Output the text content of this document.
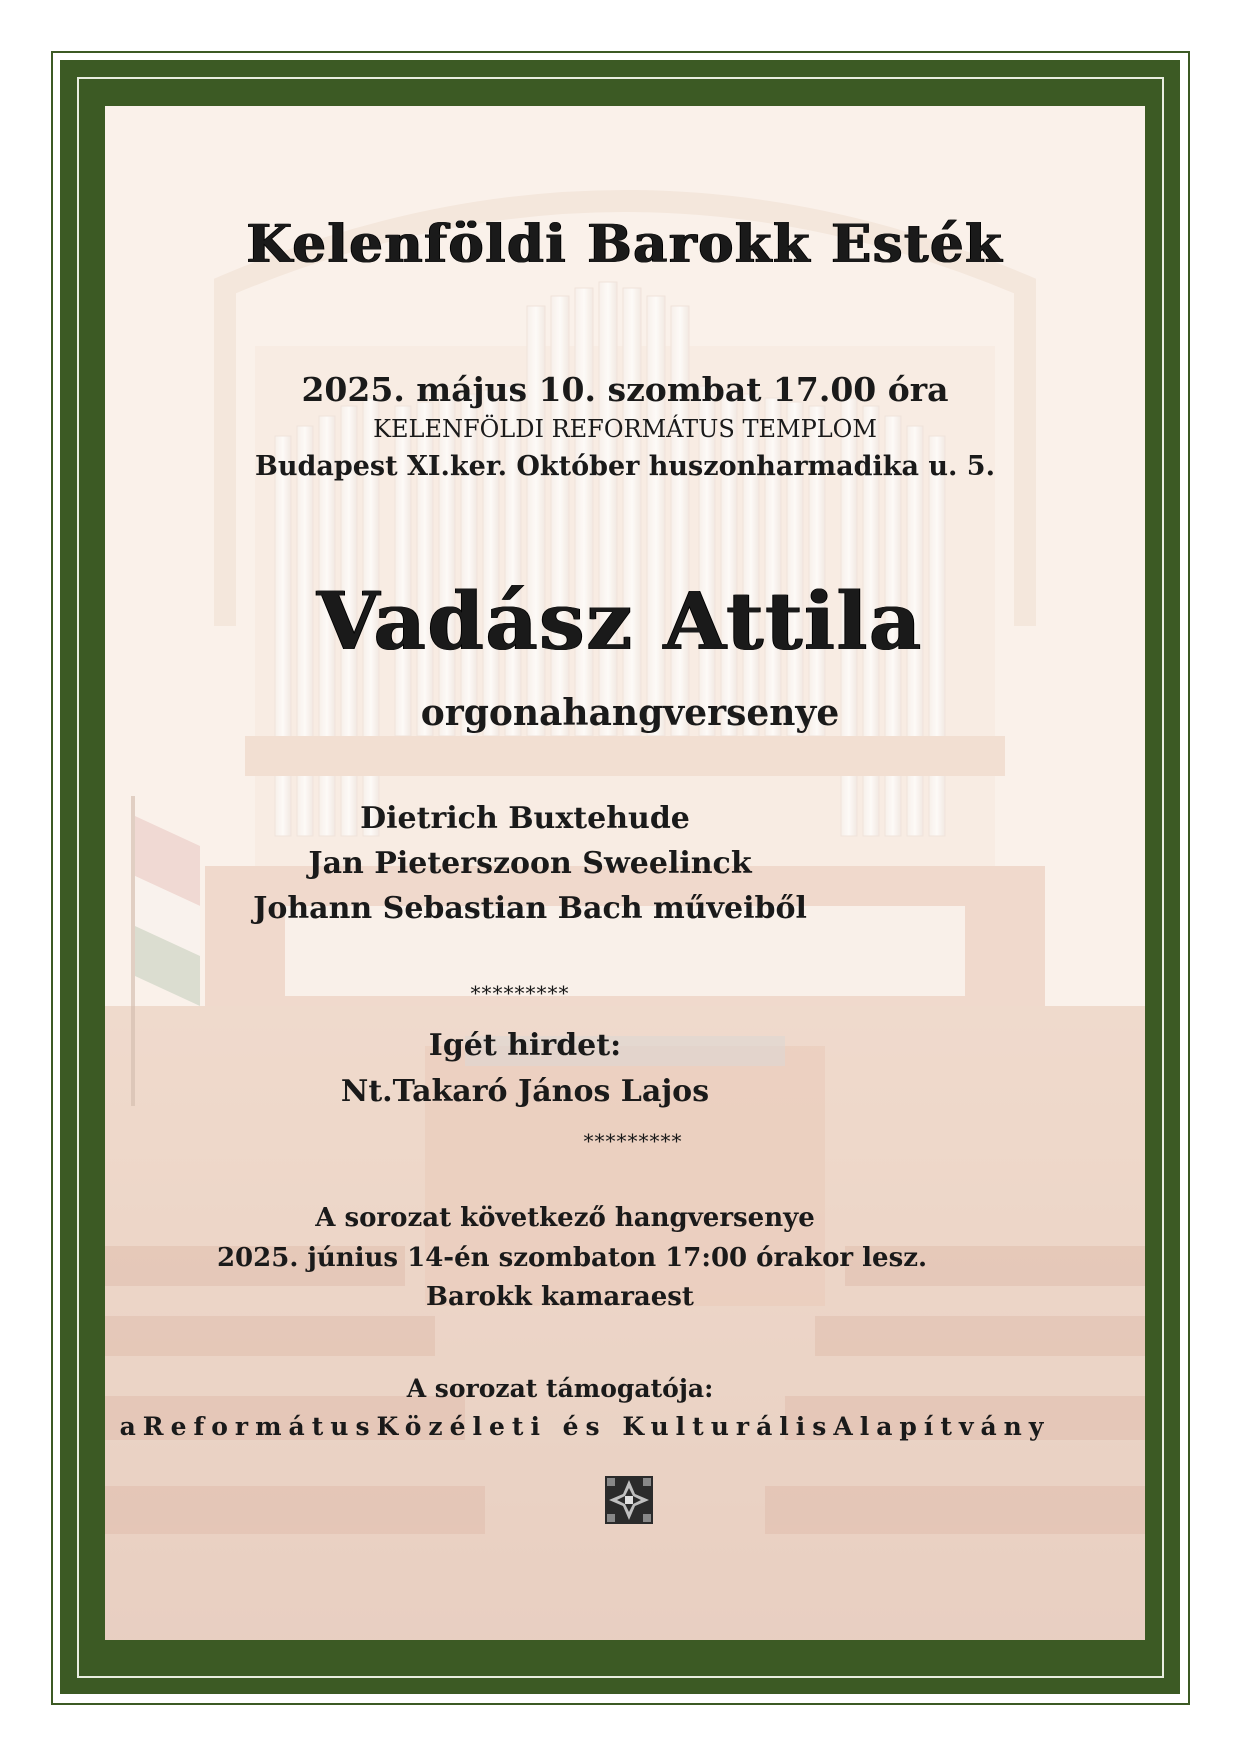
Kelenföldi Barokk Esték
2025. május 10. szombat 17.00 óra
KELENFÖLDI REFORMÁTUS TEMPLOM
Budapest XI.ker. Október huszonharmadika u. 5.
Vadász Attila
orgonahangversenye
Dietrich Buxtehude
Jan Pieterszoon Sweelinck
Johann Sebastian Bach műveiből
*********
Igét hirdet:
Nt.Takaró János Lajos
*********
A sorozat következő hangversenye
2025. június 14-én szombaton 17:00 órakor lesz.
Barokk kamaraest
A sorozat támogatója:
aReformátusKözéleti és KulturálisAlapítvány
